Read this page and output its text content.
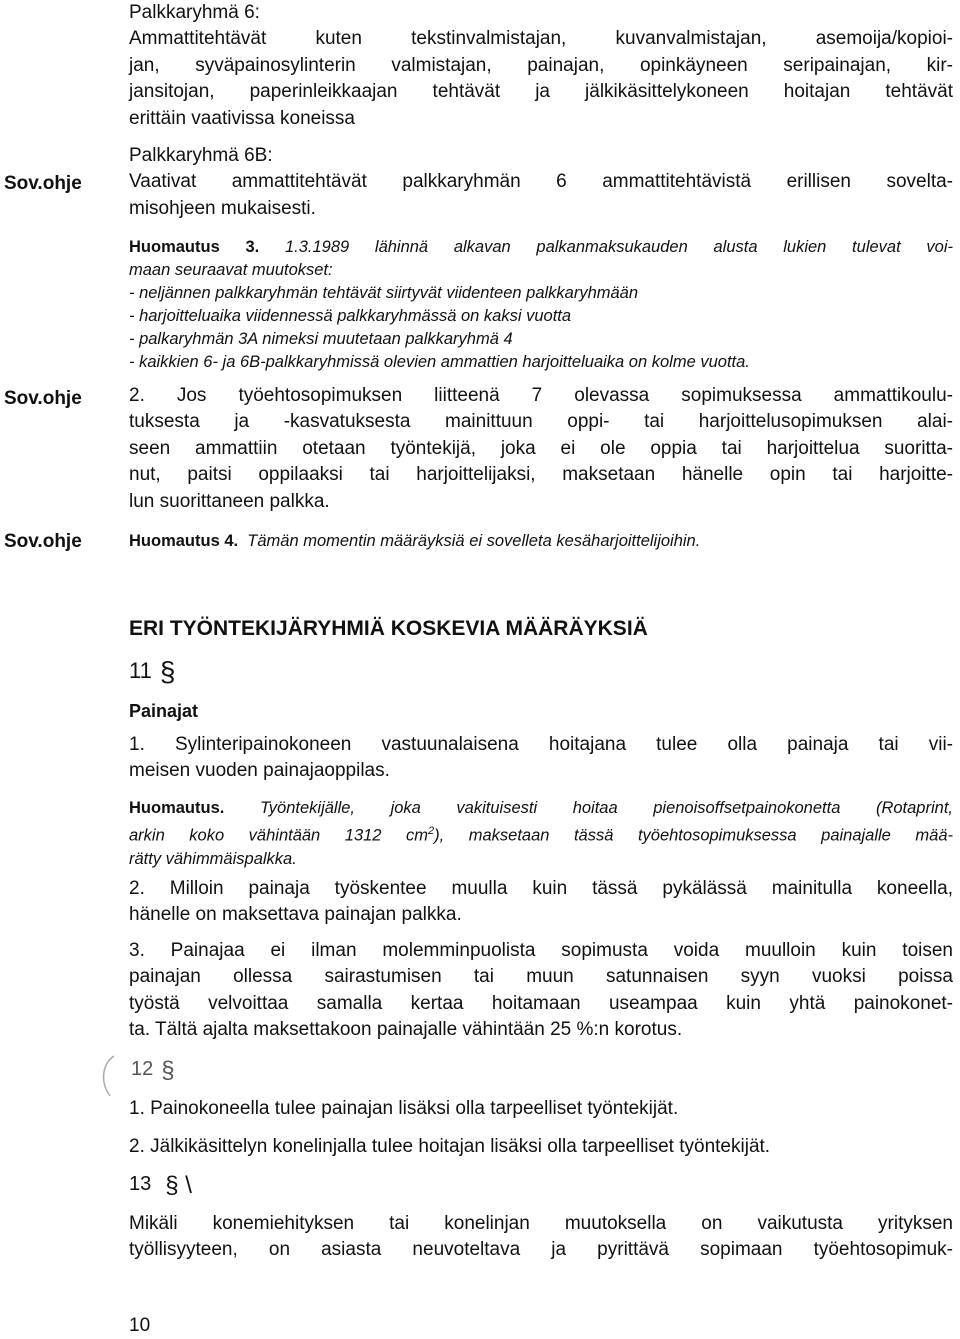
Sov.ohje
Sov.ohje
Sov.ohje
Palkkaryhmä 6:
Ammattitehtävät kuten tekstinvalmistajan, kuvanvalmistajan, asemoija/kopioi-
jan, syväpainosylinterin valmistajan, painajan, opinkäyneen seripainajan, kir-
jansitojan, paperinleikkaajan tehtävät ja jälkikäsittelykoneen hoitajan tehtävät
erittäin vaativissa koneissa
Palkkaryhmä 6B:
Vaativat ammattitehtävät palkkaryhmän 6 ammattitehtävistä erillisen sovelta-
misohjeen mukaisesti.
Huomautus 3. 1.3.1989 lähinnä alkavan palkanmaksukauden alusta lukien tulevat voi-
maan seuraavat muutokset:
- neljännen palkkaryhmän tehtävät siirtyvät viidenteen palkkaryhmään
- harjoitteluaika viidennessä palkkaryhmässä on kaksi vuotta
- palkaryhmän 3A nimeksi muutetaan palkkaryhmä 4
- kaikkien 6- ja 6B-palkkaryhmissä olevien ammattien harjoitteluaika on kolme vuotta.
2. Jos työehtosopimuksen liitteenä 7 olevassa sopimuksessa ammattikoulu-
tuksesta ja -kasvatuksesta mainittuun oppi- tai harjoittelusopimuksen alai-
seen ammattiin otetaan työntekijä, joka ei ole oppia tai harjoittelua suoritta-
nut, paitsi oppilaaksi tai harjoittelijaksi, maksetaan hänelle opin tai harjoitte-
lun suorittaneen palkka.
Huomautus 4. Tämän momentin määräyksiä ei sovelleta kesäharjoittelijoihin.
ERI TYÖNTEKIJÄRYHMIÄ KOSKEVIA MÄÄRÄYKSIÄ
11 §
Painajat
1. Sylinteripainokoneen vastuunalaisena hoitajana tulee olla painaja tai vii-
meisen vuoden painajaoppilas.
Huomautus. Työntekijälle, joka vakituisesti hoitaa pienoisoffsetpainokonetta (Rotaprint,
arkin koko vähintään 1312 $cm^2$), maksetaan tässä työehtosopimuksessa painajalle mää-
rätty vähimmäispalkka.
2. Milloin painaja työskentee muulla kuin tässä pykälässä mainitulla koneella,
hänelle on maksettava painajan palkka.
3. Painajaa ei ilman molemminpuolista sopimusta voida muulloin kuin toisen
painajan ollessa sairastumisen tai muun satunnaisen syyn vuoksi poissa
työstä velvoittaa samalla kertaa hoitamaan useampaa kuin yhtä painokonet-
ta. Tältä ajalta maksettakoon painajalle vähintään 25 %:n korotus.
12 §
1. Painokoneella tulee painajan lisäksi olla tarpeelliset työntekijät.
2. Jälkikäsittelyn konelinjalla tulee hoitajan lisäksi olla tarpeelliset työntekijät.
13 § \
Mikäli konemiehityksen tai konelinjan muutoksella on vaikutusta yrityksen
työllisyyteen, on asiasta neuvoteltava ja pyrittävä sopimaan työehtosopimuk-
10
